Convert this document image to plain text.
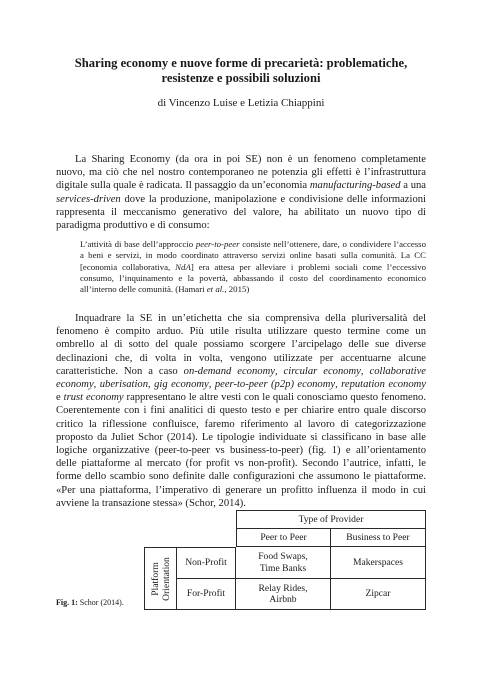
Sharing economy e nuove forme di precarietà: problematiche,
resistenze e possibili soluzioni
di Vincenzo Luise e Letizia Chiappini
La Sharing Economy (da ora in poi SE) non è un fenomeno completamente nuovo, ma ciò che nel nostro contemporaneo ne potenzia gli effetti è l’infrastruttura digitale sulla quale è radicata. Il passaggio da un’economia manufacturing-based a una services-driven dove la produzione, manipolazione e condivisione delle informazioni rappresenta il meccanismo generativo del valore, ha abilitato un nuovo tipo di paradigma produttivo e di consumo:
L’attività di base dell’approccio peer-to-peer consiste nell’ottenere, dare, o condividere l’accesso a beni e servizi, in modo coordinato attraverso servizi online basati sulla comunità. La CC [economia collaborativa, NdA] era attesa per alleviare i problemi sociali come l’eccessivo consumo, l’inquinamento e la povertà, abbassando il costo del coordinamento economico all’interno delle comunità. (Hamari et al., 2015)
Inquadrare la SE in un’etichetta che sia comprensiva della pluriversalità del fenomeno è compito arduo. Più utile risulta utilizzare questo termine come un ombrello al di sotto del quale possiamo scorgere l’arcipelago delle sue diverse declinazioni che, di volta in volta, vengono utilizzate per accentuarne alcune caratteristiche. Non a caso on-demand economy, circular economy, collaborative economy, uberisation, gig economy, peer-to-peer (p2p) economy, reputation economy e trust economy rappresentano le altre vesti con le quali conosciamo questo fenomeno. Coerentemente con i fini analitici di questo testo e per chiarire entro quale discorso critico la riflessione confluisce, faremo riferimento al lavoro di categorizzazione proposto da Juliet Schor (2014). Le tipologie individuate si classificano in base alle logiche organizzative (peer-to-peer vs business-to-peer) (fig. 1) e all’orientamento delle piattaforme al mercato (for profit vs non-profit). Secondo l’autrice, infatti, le forme dello scambio sono definite dalle configurazioni che assumono le piattaforme. «Per una piattaforma, l’imperativo di generare un profitto influenza il modo in cui avviene la transazione stessa» (Schor, 2014).
Type of Provider
Peer to Peer	Business to Peer
Platform
Orientation	Non-Profit
For-Profit
Food Swaps,
Time Banks
Makerspaces
Relay Rides,
Airbnb
Zipcar
Fig. 1: Schor (2014).
